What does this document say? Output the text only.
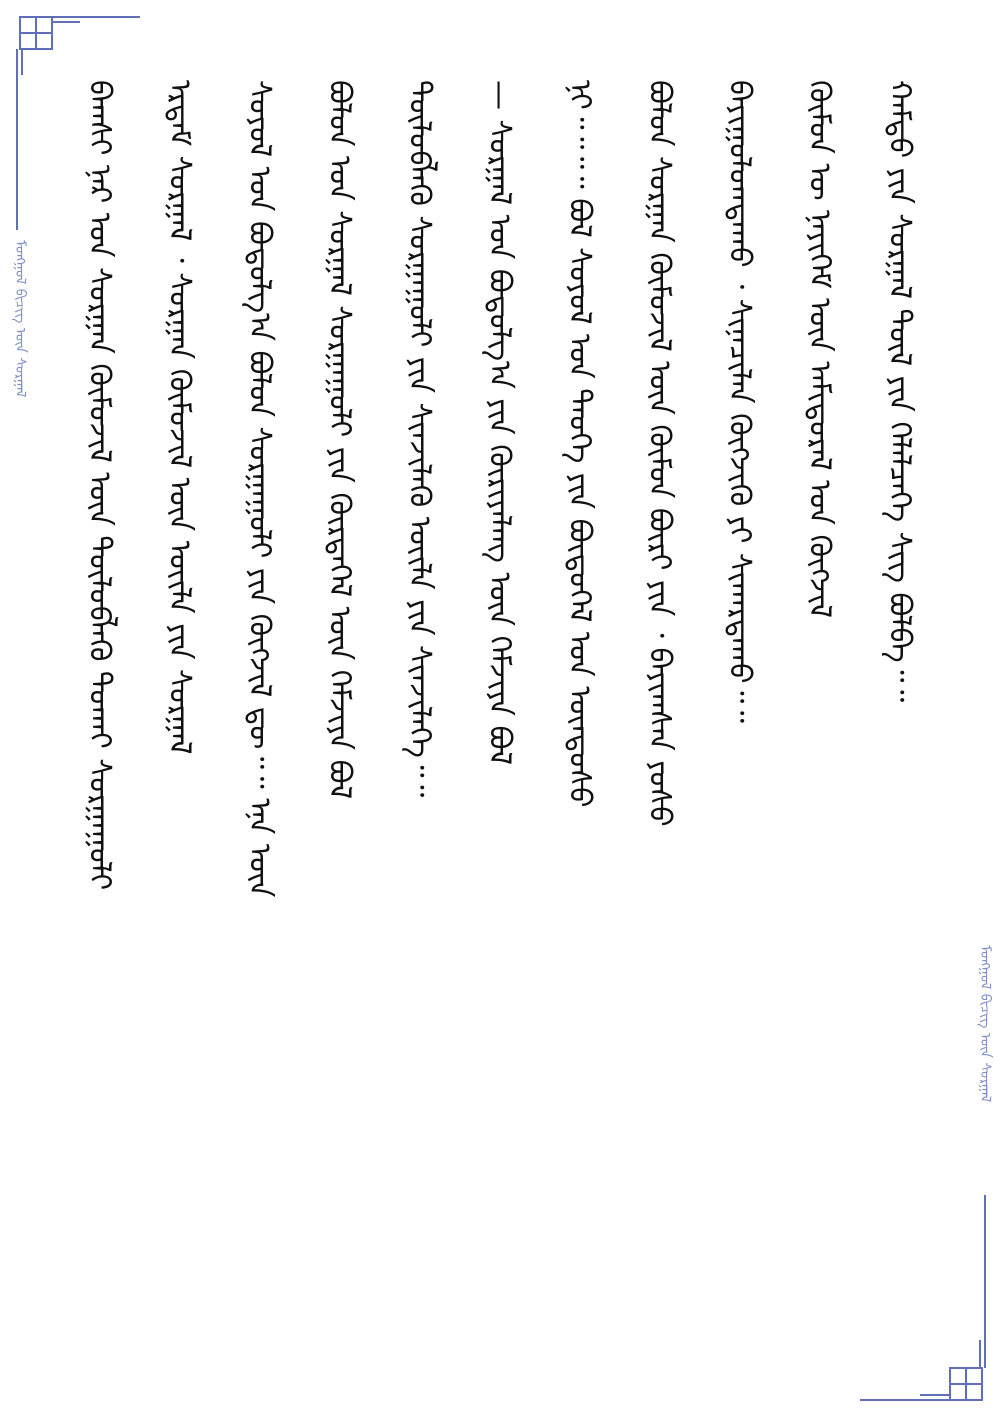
ᠮᠣᠩᠭᠣᠯ ᠪᠢᠴᠢᠭ ᠦᠨ ᠰᠤᠷᠭᠠᠯ
ᠮᠣᠩᠭᠣᠯ ᠪᠢᠴᠢᠭ ᠦᠨ ᠰᠤᠷᠭᠠᠯ
ᠪᠠᠭᠰᠢ ᠨᠠᠷ ᠤᠨ ᠰᠤᠷᠭᠠᠨ ᠬᠦᠮᠦᠵᠢᠯ ᠦᠨ ᠲᠥᠯᠦᠪᠯᠡᠬᠦ ᠲᠤᠬᠠᠢ ᠰᠤᠷᠭᠠᠭᠤᠯᠢ ᠡᠷᠳᠡᠮ ᠰᠤᠷᠭᠠᠯ ᠂ ᠰᠤᠷᠭᠠᠨ ᠬᠦᠮᠦᠵᠢᠯ ᠦᠨ ᠦᠢᠯᠡ ᠶᠢᠨ ᠰᠤᠷᠭᠠᠯ ᠰᠣᠶᠣᠯ ᠤᠨ ᠪᠣᠳᠤᠯᠭ᠎ᠠ ᠪᠣᠯᠤᠨ ᠰᠤᠷᠭᠠᠭᠤᠯᠢ ᠶᠢᠨ ᠬᠥᠭᠵᠢᠯ ᠳᠦ᠃᠃ ᠡᠨᠡ ᠦᠨ ᠪᠣᠯᠤᠨ ᠤᠨ ᠰᠤᠷᠭᠠᠯ ᠰᠤᠷᠭᠠᠭᠤᠯᠢ ᠶᠢᠨ ᠬᠦᠷᠲᠡᠭᠡᠯ ᠦᠨ ᠬᠡᠮᠵᠢᠶᠡ ᠪᠣᠯ ᠲᠥᠯᠦᠪᠯᠡᠬᠦ ᠰᠤᠷᠭᠠᠭᠤᠯᠢ ᠶᠢᠨ ᠰᠢᠨᠵᠢᠯᠡᠬᠦ ᠦᠢᠯᠡ ᠶᠢᠨ ᠰᠢᠨᠵᠢᠯᠡᠭᠡ᠃᠃ — ᠰᠤᠷᠭᠠᠯ ᠤᠨ ᠪᠣᠳᠤᠯᠭ᠎ᠠ ᠶᠢᠨ ᠬᠦᠷᠢᠶᠡᠯᠡᠩ ᠦᠨ ᠬᠡᠮᠵᠢᠶᠡ ᠪᠣᠯ ᠨᠢ᠃᠃᠃᠃ ᠪᠣᠯ ᠰᠣᠶᠣᠯ ᠤᠨ ᠲᠡᠦᠬᠡ ᠶᠢᠨ ᠪᠦᠲᠦᠭᠡᠯ ᠤᠨ ᠦᠨᠳᠦᠰᠦ ᠪᠣᠯᠤᠨ ᠰᠤᠷᠭᠠᠨ ᠬᠦᠮᠦᠵᠢᠯ ᠦᠨ ᠬᠦᠮᠦᠨ ᠪᠦᠷᠢ ᠶᠢᠨ ᠂ ᠪᠠᠶᠢᠭᠰᠠᠨ ᠶᠣᠰᠣ ᠪᠠᠶᠢᠭᠤᠯᠤᠭᠳᠠᠬᠤ ᠂ ᠰᠢᠨᠡᠴᠢᠯᠡᠨ ᠬᠥᠭᠵᠢᠬᠦ ᠶᠢ ᠰᠢᠬᠠᠷᠳᠠᠬᠤ᠃᠃ ᠬᠦᠮᠦᠨ ᠦ ᠨᠡᠶᠢᠭᠡᠮ ᠦᠨ ᠠᠮᠢᠳᠤᠷᠠᠯ ᠤᠨ ᠬᠥᠭᠵᠢᠯ ᠬᠠᠮᠲᠤ ᠶᠢᠨ ᠰᠤᠷᠭᠠᠯ ᠲᠦᠯ ᠶᠢᠨ ᠬᠡᠯᠡᠯᠴᠡᠭᠡ ᠰᠢᠭ ᠪᠣᠯᠪᠠ᠃᠃
